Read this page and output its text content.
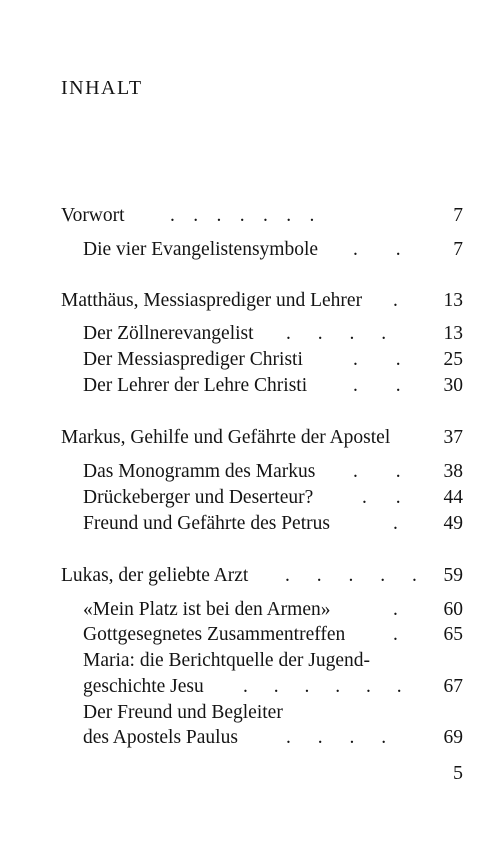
INHALT
Vorwort . . . . . . .	7
Die vier Evangelistensymbole . .	7
Matthäus, Messiasprediger und Lehrer . 13
Der Zöllnerevangelist . . . .	13
Der Messiasprediger Christi	. . 25
Der Lehrer der Lehre Christi . . 30
Markus, Gehilfe und Gefährte der Apostel	37
Das Monogramm des Markus . . 38
Drückeberger und Deserteur? . . 44
Freund und Gefährte des Petrus	. 49
Lukas, der geliebte Arzt . . . . . 59
«Mein Platz ist bei den Armen»	. 60
Gottgesegnetes Zusammentreffen . 65
Maria: die Berichtquelle der Jugend-
geschichte Jesu . . . . . . 67
Der Freund und Begleiter
des Apostels Paulus . . . .	69
5
